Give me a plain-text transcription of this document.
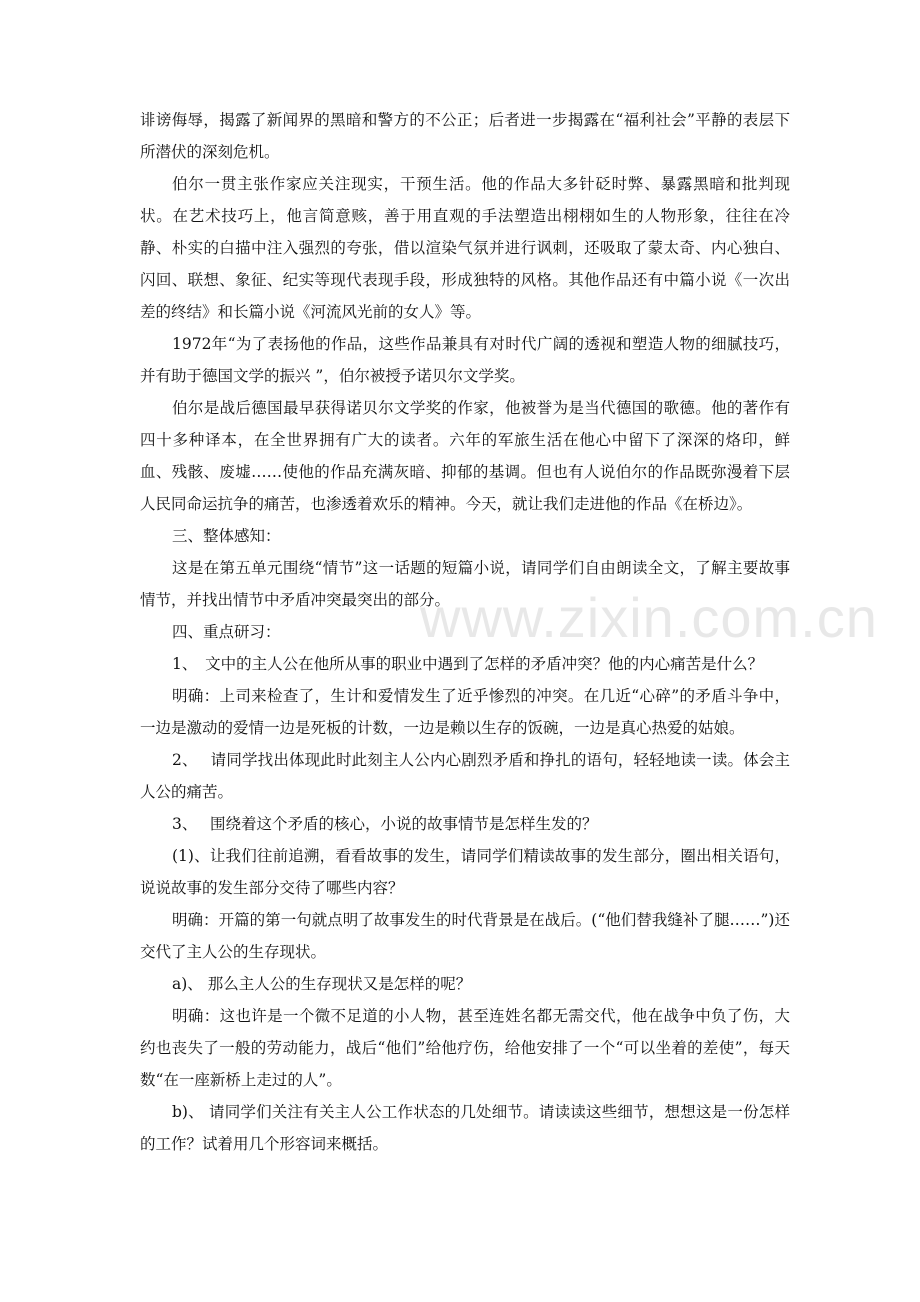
诽谤侮辱，揭露了新闻界的黑暗和警方的不公正；后者进一步揭露在“福利社会”平静的表层下所潜伏的深刻危机。

伯尔一贯主张作家应关注现实，干预生活。他的作品大多针砭时弊、暴露黑暗和批判现状。在艺术技巧上，他言简意赅，善于用直观的手法塑造出栩栩如生的人物形象，往往在冷静、朴实的白描中注入强烈的夸张，借以渲染气氛并进行讽刺，还吸取了蒙太奇、内心独白、闪回、联想、象征、纪实等现代表现手段，形成独特的风格。其他作品还有中篇小说《一次出差的终结》和长篇小说《河流风光前的女人》等。

1972年“为了表扬他的作品，这些作品兼具有对时代广阔的透视和塑造人物的细腻技巧，并有助于德国文学的振兴 ”，伯尔被授予诺贝尔文学奖。

伯尔是战后德国最早获得诺贝尔文学奖的作家，他被誉为是当代德国的歌德。他的著作有四十多种译本，在全世界拥有广大的读者。六年的军旅生活在他心中留下了深深的烙印，鲜血、残骸、废墟……使他的作品充满灰暗、抑郁的基调。但也有人说伯尔的作品既弥漫着下层人民同命运抗争的痛苦，也渗透着欢乐的精神。今天，就让我们走进他的作品《在桥边》。

三、整体感知：

这是在第五单元围绕“情节”这一话题的短篇小说，请同学们自由朗读全文，了解主要故事情节，并找出情节中矛盾冲突最突出的部分。

四、重点研习：

1、　文中的主人公在他所从事的职业中遇到了怎样的矛盾冲突？他的内心痛苦是什么？

明确：上司来检查了，生计和爱情发生了近乎惨烈的冲突。在几近“心碎”的矛盾斗争中，一边是激动的爱情一边是死板的计数，一边是赖以生存的饭碗，一边是真心热爱的姑娘。

2、　 请同学找出体现此时此刻主人公内心剧烈矛盾和挣扎的语句，轻轻地读一读。体会主人公的痛苦。

3、　 围绕着这个矛盾的核心，小说的故事情节是怎样生发的？

(1)、让我们往前追溯，看看故事的发生，请同学们精读故事的发生部分，圈出相关语句，说说故事的发生部分交待了哪些内容？

明确：开篇的第一句就点明了故事发生的时代背景是在战后。(“他们替我缝补了腿……”)还交代了主人公的生存现状。

a)、 那么主人公的生存现状又是怎样的呢？

明确：这也许是一个微不足道的小人物，甚至连姓名都无需交代，他在战争中负了伤，大约也丧失了一般的劳动能力，战后“他们”给他疗伤，给他安排了一个“可以坐着的差使”，每天数“在一座新桥上走过的人”。

b)、 请同学们关注有关主人公工作状态的几处细节。请读读这些细节，想想这是一份怎样的工作？试着用几个形容词来概括。

www.zixin.com.cn
